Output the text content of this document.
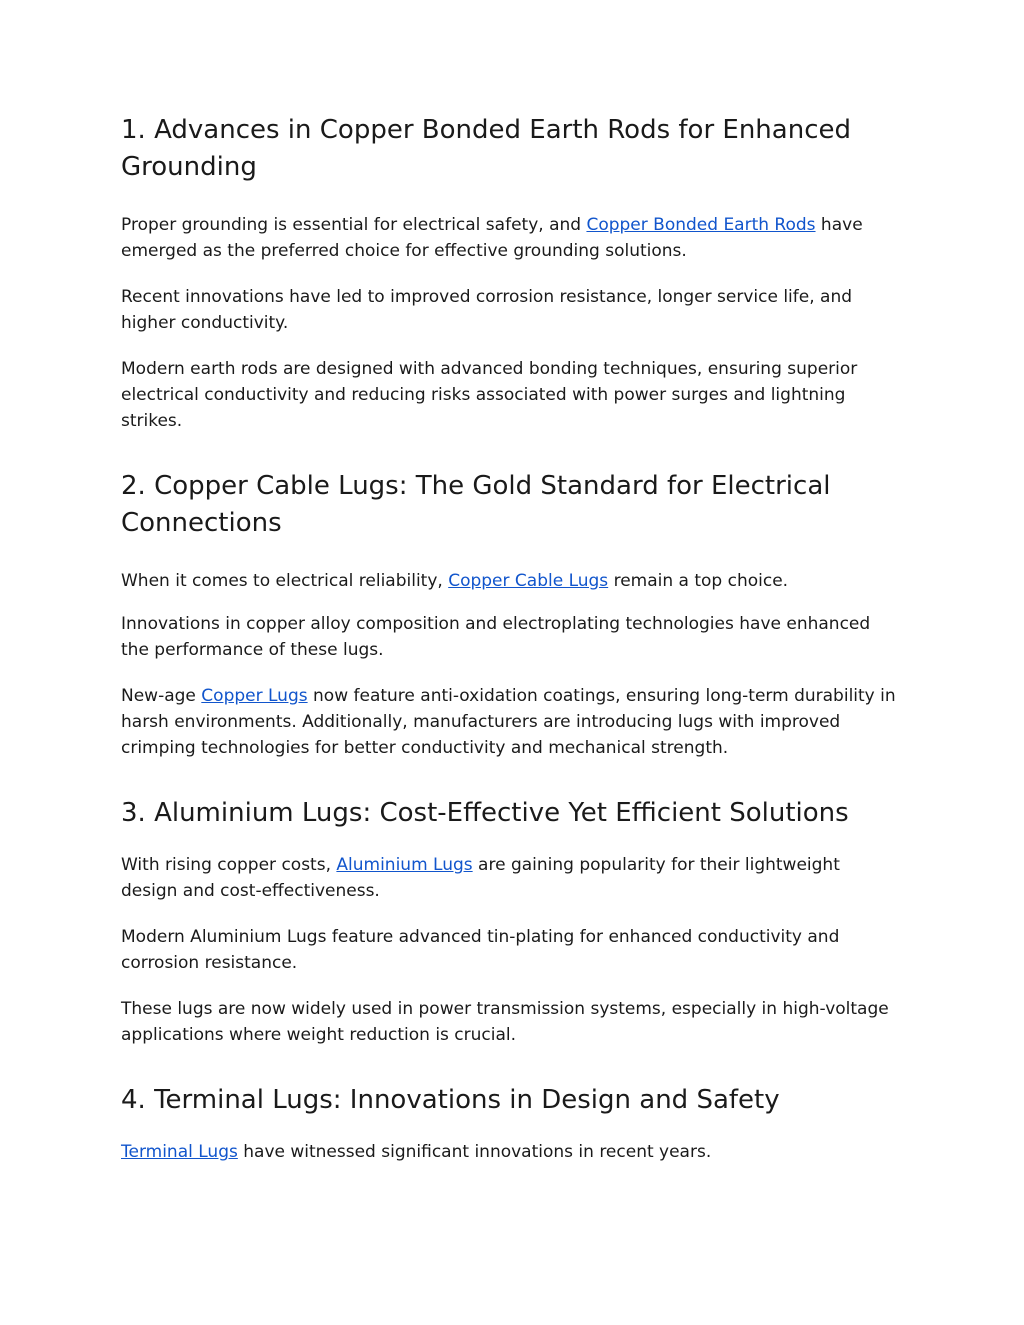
1. Advances in Copper Bonded Earth Rods for Enhanced Grounding

Proper grounding is essential for electrical safety, and Copper Bonded Earth Rods have emerged as the preferred choice for effective grounding solutions.

Recent innovations have led to improved corrosion resistance, longer service life, and higher conductivity.

Modern earth rods are designed with advanced bonding techniques, ensuring superior electrical conductivity and reducing risks associated with power surges and lightning strikes.

2. Copper Cable Lugs: The Gold Standard for Electrical Connections

When it comes to electrical reliability, Copper Cable Lugs remain a top choice.

Innovations in copper alloy composition and electroplating technologies have enhanced the performance of these lugs.

New-age Copper Lugs now feature anti-oxidation coatings, ensuring long-term durability in harsh environments. Additionally, manufacturers are introducing lugs with improved crimping technologies for better conductivity and mechanical strength.

3. Aluminium Lugs: Cost-Effective Yet Efficient Solutions

With rising copper costs, Aluminium Lugs are gaining popularity for their lightweight design and cost-effectiveness.

Modern Aluminium Lugs feature advanced tin-plating for enhanced conductivity and corrosion resistance.

These lugs are now widely used in power transmission systems, especially in high-voltage applications where weight reduction is crucial.

4. Terminal Lugs: Innovations in Design and Safety

Terminal Lugs have witnessed significant innovations in recent years.
